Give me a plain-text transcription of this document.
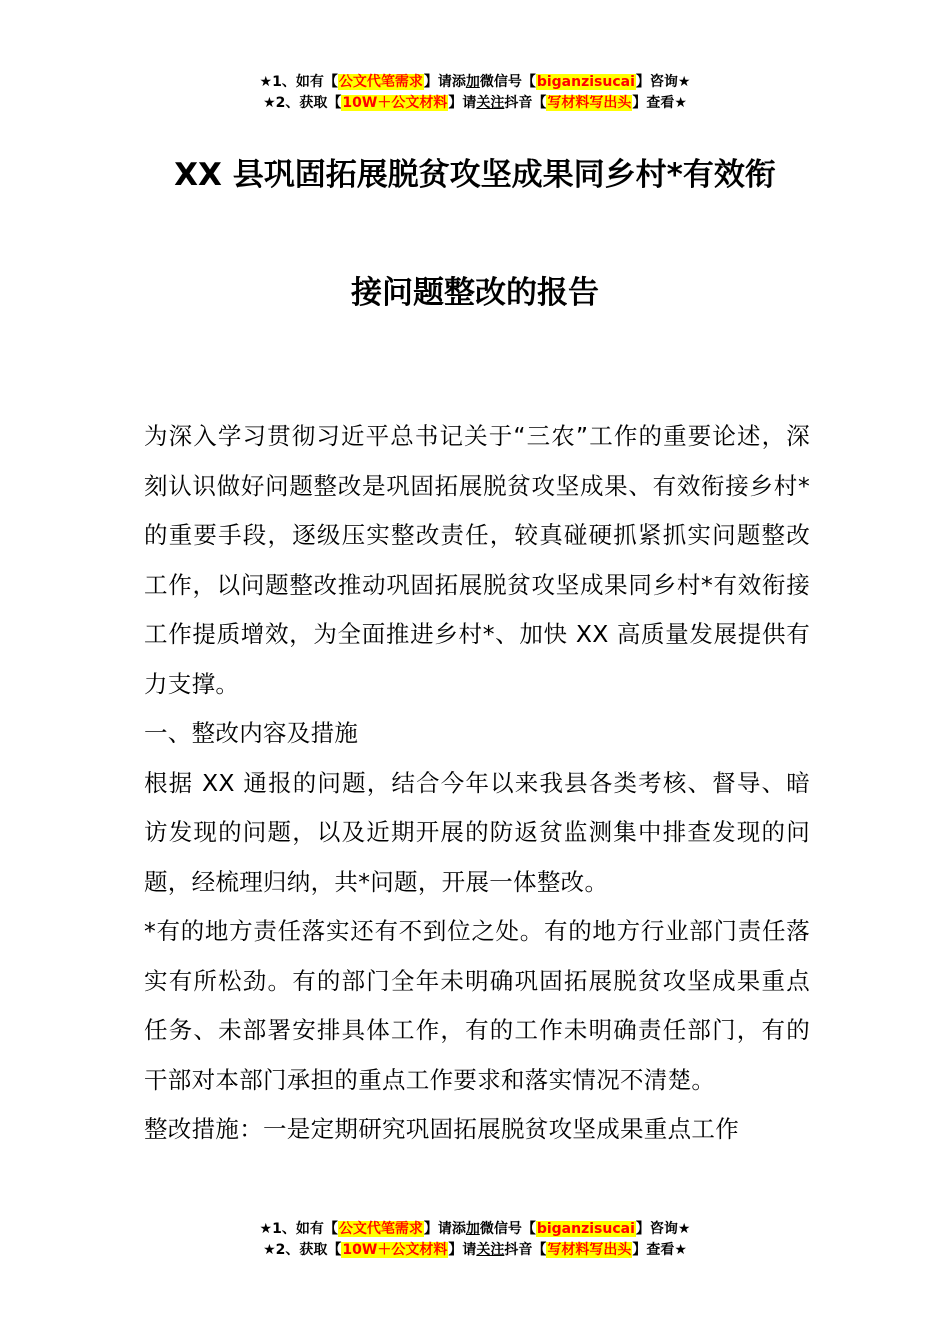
★1、如有【公文代笔需求】请添加微信号【biganzisucai】咨询★
★2、获取【10W＋公文材料】请关注抖音【写材料写出头】查看★
XX 县巩固拓展脱贫攻坚成果同乡村*有效衔
接问题整改的报告

为深入学习贯彻习近平总书记关于“三农”工作的重要论述，深刻认识做好问题整改是巩固拓展脱贫攻坚成果、有效衔接乡村*的重要手段，逐级压实整改责任，较真碰硬抓紧抓实问题整改工作，以问题整改推动巩固拓展脱贫攻坚成果同乡村*有效衔接工作提质增效，为全面推进乡村*、加快 XX 高质量发展提供有力支撑。

一、整改内容及措施

根据 XX 通报的问题，结合今年以来我县各类考核、督导、暗访发现的问题，以及近期开展的防返贫监测集中排查发现的问题，经梳理归纳，共*问题，开展一体整改。

*有的地方责任落实还有不到位之处。有的地方行业部门责任落实有所松劲。有的部门全年未明确巩固拓展脱贫攻坚成果重点任务、未部署安排具体工作，有的工作未明确责任部门，有的干部对本部门承担的重点工作要求和落实情况不清楚。

整改措施：一是定期研究巩固拓展脱贫攻坚成果重点工作

★1、如有【公文代笔需求】请添加微信号【biganzisucai】咨询★
★2、获取【10W＋公文材料】请关注抖音【写材料写出头】查看★
